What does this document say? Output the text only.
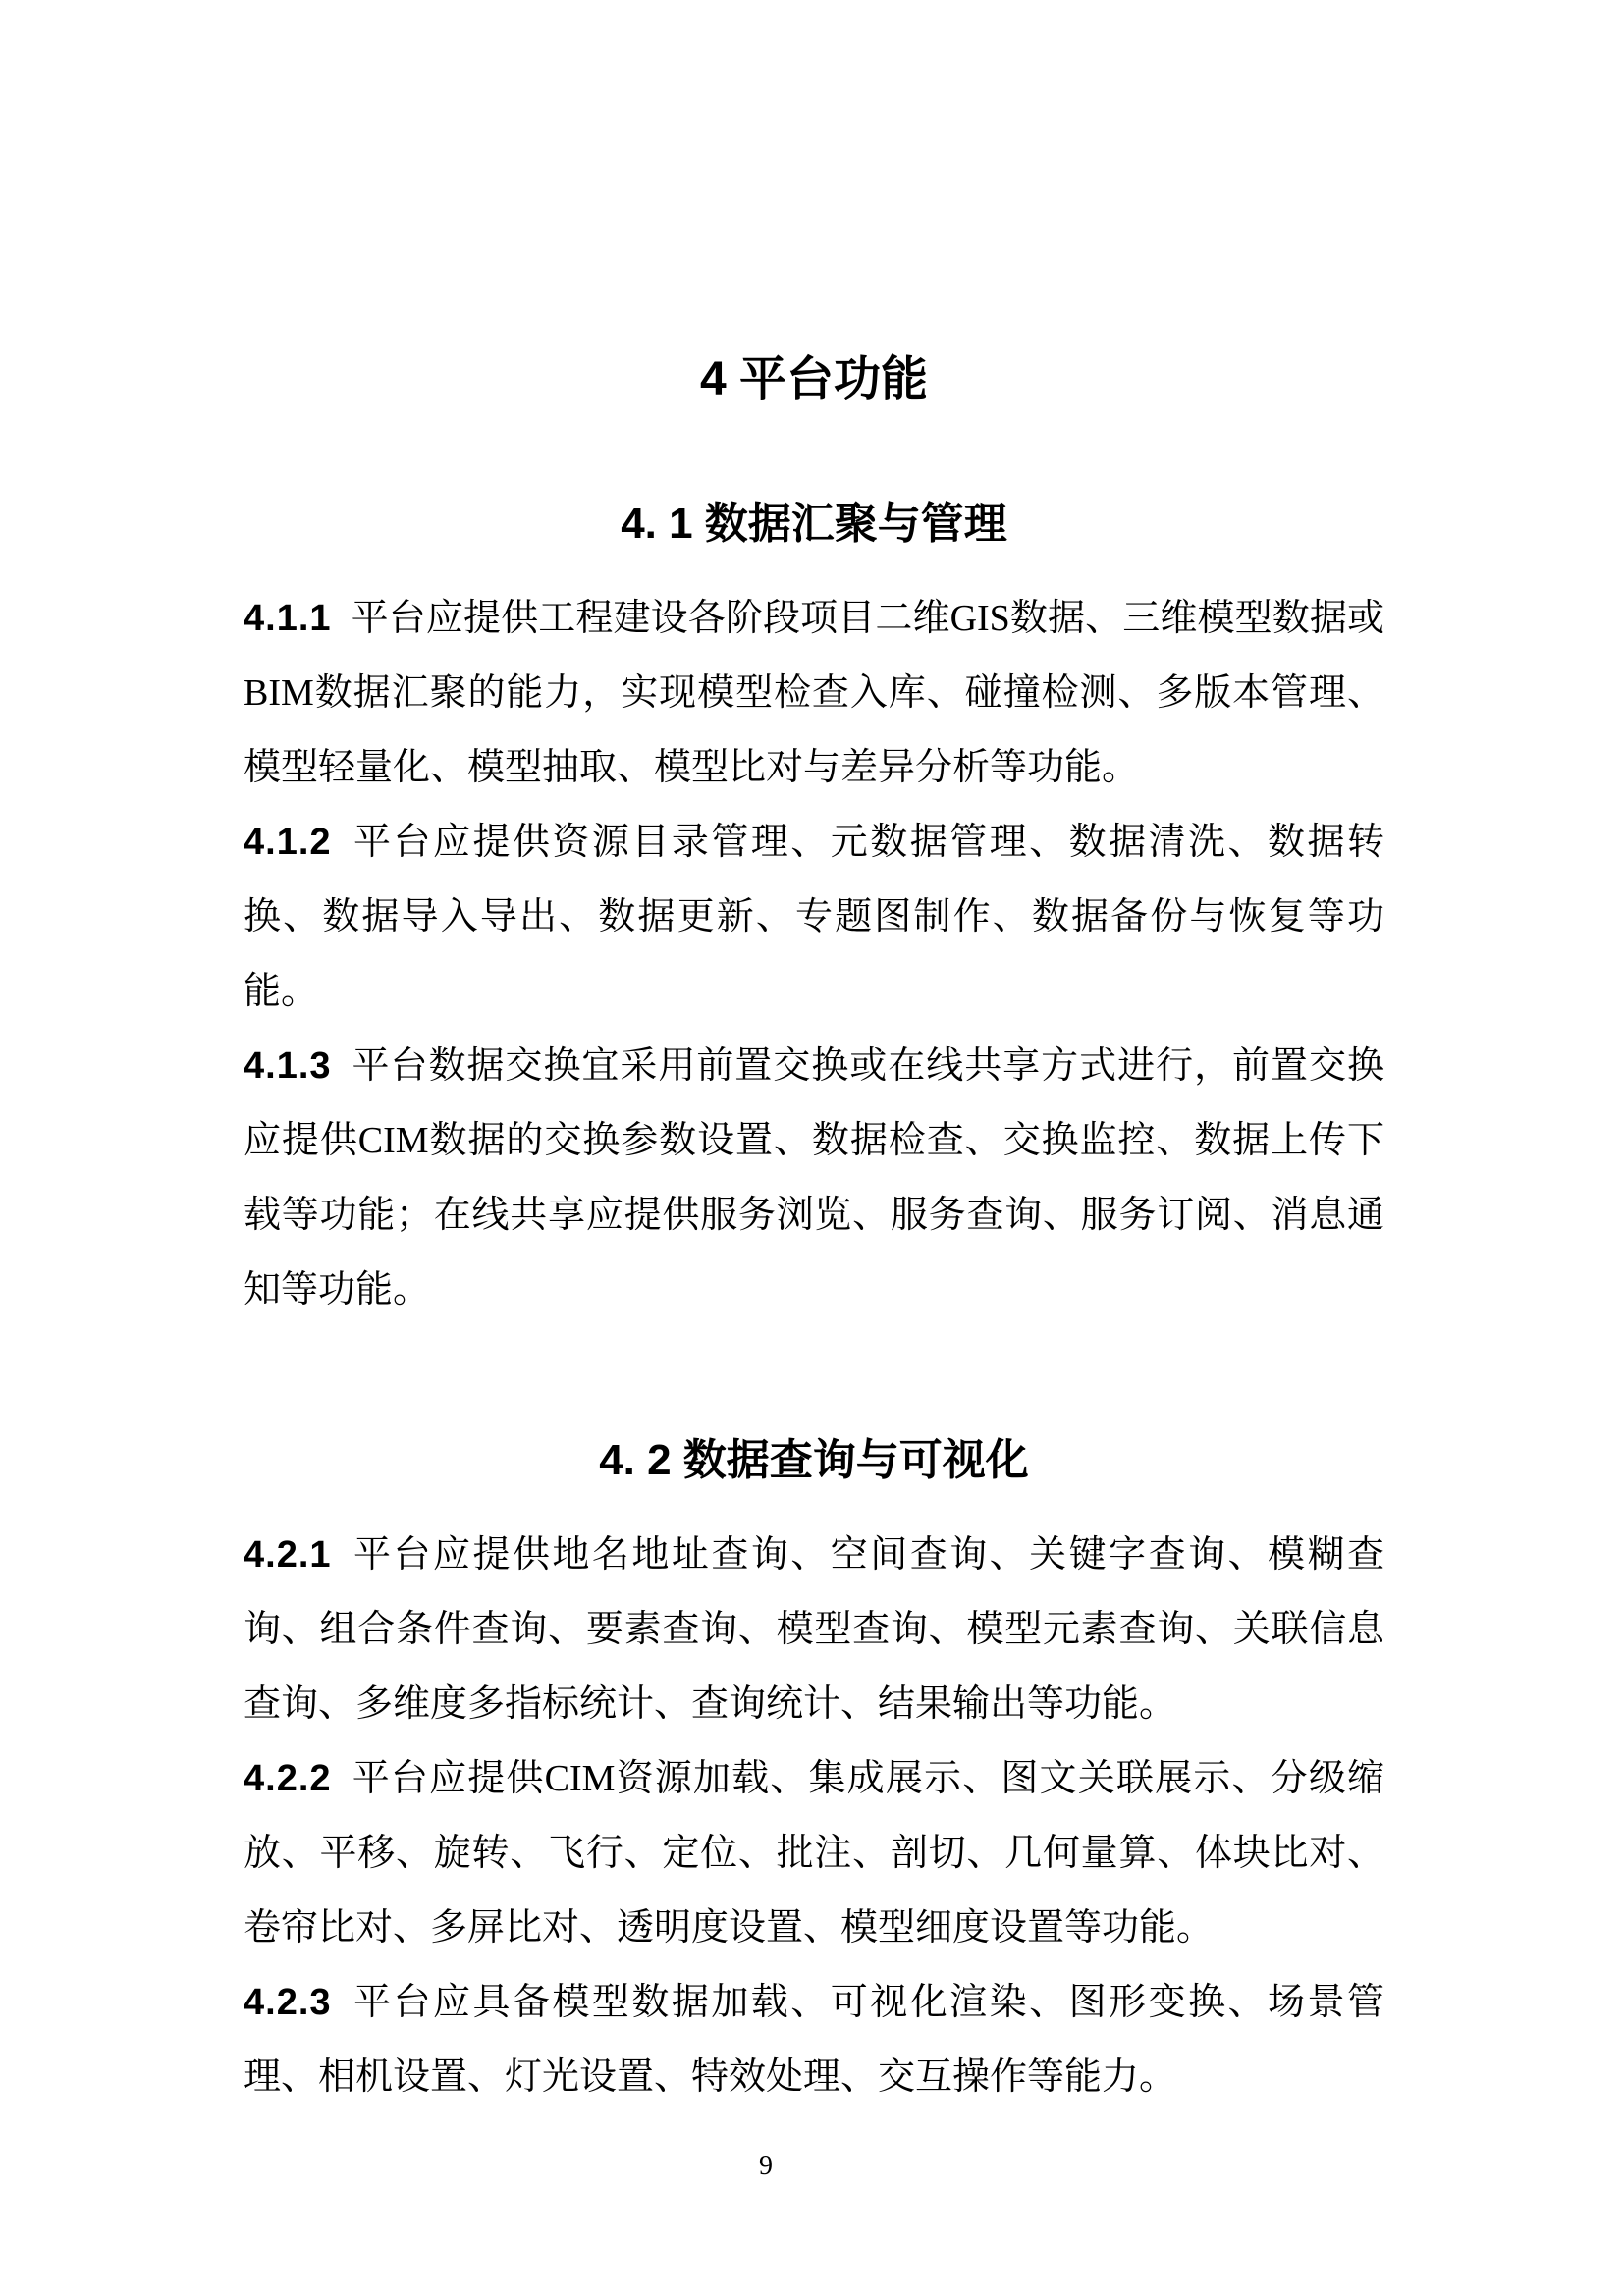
4 平台功能
4. 1 数据汇聚与管理

4.1.1 平台应提供工程建设各阶段项目二维GIS数据、三维模型数据或BIM数据汇聚的能力，实现模型检查入库、碰撞检测、多版本管理、模型轻量化、模型抽取、模型比对与差异分析等功能。

4.1.2 平台应提供资源目录管理、元数据管理、数据清洗、数据转换、数据导入导出、数据更新、专题图制作、数据备份与恢复等功能。

4.1.3 平台数据交换宜采用前置交换或在线共享方式进行，前置交换应提供CIM数据的交换参数设置、数据检查、交换监控、数据上传下载等功能；在线共享应提供服务浏览、服务查询、服务订阅、消息通知等功能。

4. 2 数据查询与可视化

4.2.1 平台应提供地名地址查询、空间查询、关键字查询、模糊查询、组合条件查询、要素查询、模型查询、模型元素查询、关联信息查询、多维度多指标统计、查询统计、结果输出等功能。

4.2.2 平台应提供CIM资源加载、集成展示、图文关联展示、分级缩放、平移、旋转、飞行、定位、批注、剖切、几何量算、体块比对、卷帘比对、多屏比对、透明度设置、模型细度设置等功能。

4.2.3 平台应具备模型数据加载、可视化渲染、图形变换、场景管理、相机设置、灯光设置、特效处理、交互操作等能力。

9
